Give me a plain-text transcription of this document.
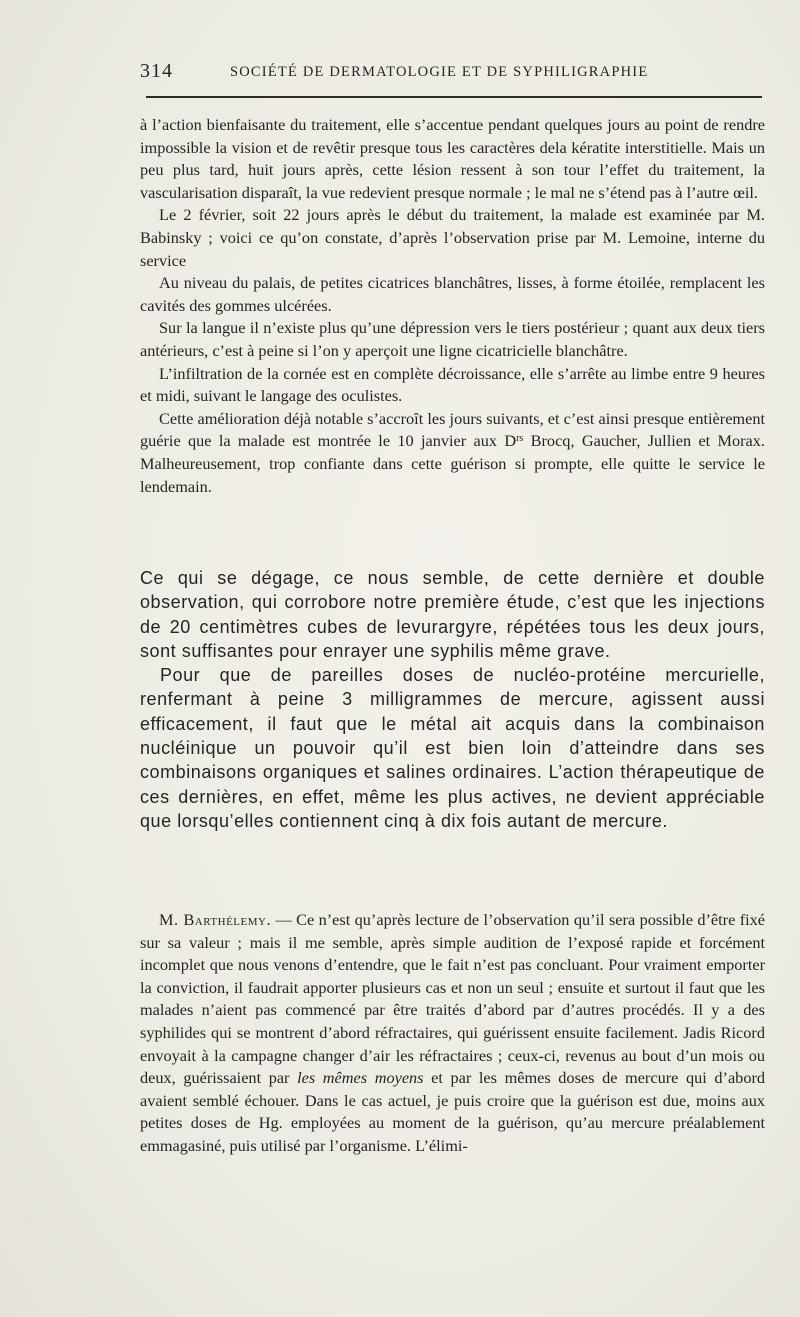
314	SOCIÉTÉ DE DERMATOLOGIE ET DE SYPHILIGRAPHIE

à l’action bienfaisante du traitement, elle s’accentue pendant quelques jours au point de rendre impossible la vision et de revêtir presque tous les caractères dela kératite interstitielle. Mais un peu plus tard, huit jours après, cette lésion ressent à son tour l’effet du traitement, la vascularisation disparaît, la vue redevient presque normale ; le mal ne s’étend pas à l’autre œil.

Le 2 février, soit 22 jours après le début du traitement, la malade est examinée par M. Babinsky ; voici ce qu’on constate, d’après l’observation prise par M. Lemoine, interne du service

Au niveau du palais, de petites cicatrices blanchâtres, lisses, à forme étoilée, remplacent les cavités des gommes ulcérées.

Sur la langue il n’existe plus qu’une dépression vers le tiers postérieur ; quant aux deux tiers antérieurs, c’est à peine si l’on y aperçoit une ligne cicatricielle blanchâtre.

L’infiltration de la cornée est en complète décroissance, elle s’arrête au limbe entre 9 heures et midi, suivant le langage des oculistes.

Cette amélioration déjà notable s’accroît les jours suivants, et c’est ainsi presque entièrement guérie que la malade est montrée le 10 janvier aux $D^{rs}$ Brocq, Gaucher, Jullien et Morax. Malheureusement, trop confiante dans cette guérison si prompte, elle quitte le service le lendemain.

Ce qui se dégage, ce nous semble, de cette dernière et double observation, qui corrobore notre première étude, c’est que les injections de 20 centimètres cubes de levurargyre, répétées tous les deux jours, sont suffisantes pour enrayer une syphilis même grave.

Pour que de pareilles doses de nucléo-protéine mercurielle, renfermant à peine 3 milligrammes de mercure, agissent aussi efficacement, il faut que le métal ait acquis dans la combinaison nucléinique un pouvoir qu’il est bien loin d’atteindre dans ses combinaisons organiques et salines ordinaires. L’action thérapeutique de ces dernières, en effet, même les plus actives, ne devient appréciable que lorsqu’elles contiennent cinq à dix fois autant de mercure.

M. Barthélemy. — Ce n’est qu’après lecture de l’observation qu’il sera possible d’être fixé sur sa valeur ; mais il me semble, après simple audition de l’exposé rapide et forcément incomplet que nous venons d’entendre, que le fait n’est pas concluant. Pour vraiment emporter la conviction, il faudrait apporter plusieurs cas et non un seul ; ensuite et surtout il faut que les malades n’aient pas commencé par être traités d’abord par d’autres procédés. Il y a des syphilides qui se montrent d’abord réfractaires, qui guérissent ensuite facilement. Jadis Ricord envoyait à la campagne changer d’air les réfractaires ; ceux-ci, revenus au bout d’un mois ou deux, guérissaient par les mêmes moyens et par les mêmes doses de mercure qui d’abord avaient semblé échouer. Dans le cas actuel, je puis croire que la guérison est due, moins aux petites doses de Hg. employées au moment de la guérison, qu’au mercure préalablement emmagasiné, puis utilisé par l’organisme. L’élimi-
